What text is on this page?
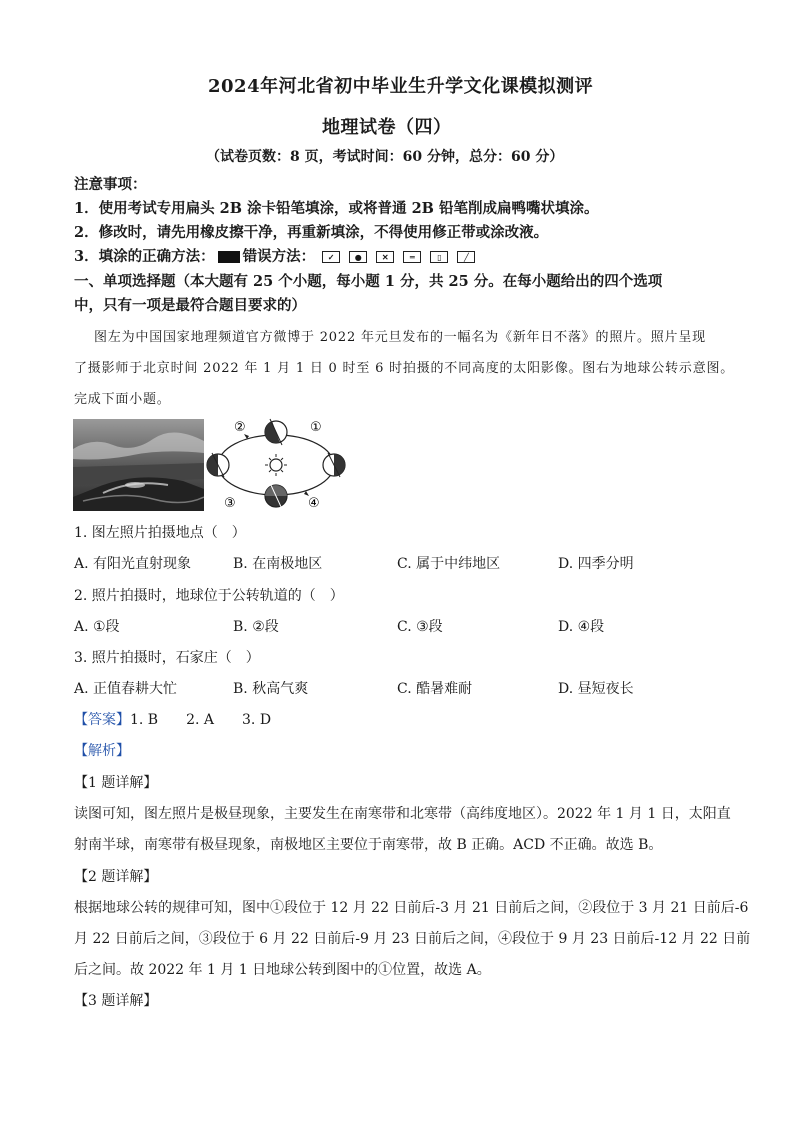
2024年河北省初中毕业生升学文化课模拟测评
地理试卷（四）
（试卷页数：8 页，考试时间：60 分钟，总分：60 分）
注意事项：
1．使用考试专用扁头 2B 涂卡铅笔填涂，或将普通 2B 铅笔削成扁鸭嘴状填涂。
2．修改时，请先用橡皮擦干净，再重新填涂，不得使用修正带或涂改液。
3．填涂的正确方法： 错误方法： ✓	●	✕	═	▯	╱
一、单项选择题（本大题有 25 个小题，每小题 1 分，共 25 分。在每小题给出的四个选项
中，只有一项是最符合题目要求的）
图左为中国国家地理频道官方微博于 2022 年元旦发布的一幅名为《新年日不落》的照片。照片呈现
了摄影师于北京时间 2022 年 1 月 1 日 0 时至 6 时拍摄的不同高度的太阳影像。图右为地球公转示意图。
完成下面小题。
②	①
③	④
1. 图左照片拍摄地点（　）
A. 有阳光直射现象	B. 在南极地区	C. 属于中纬地区	D. 四季分明
2. 照片拍摄时，地球位于公转轨道的（　）
A. ①段	B. ②段	C. ③段	D. ④段
3. 照片拍摄时，石家庄（　）
A. 正值春耕大忙	B. 秋高气爽	C. 酷暑难耐	D. 昼短夜长
【答案】1. B　　2. A　　3. D
【解析】
【1 题详解】
读图可知，图左照片是极昼现象，主要发生在南寒带和北寒带（高纬度地区）。2022 年 1 月 1 日，太阳直
射南半球，南寒带有极昼现象，南极地区主要位于南寒带，故 B 正确。ACD 不正确。故选 B。
【2 题详解】
根据地球公转的规律可知，图中①段位于 12 月 22 日前后-3 月 21 日前后之间，②段位于 3 月 21 日前后-6
月 22 日前后之间，③段位于 6 月 22 日前后-9 月 23 日前后之间，④段位于 9 月 23 日前后-12 月 22 日前
后之间。故 2022 年 1 月 1 日地球公转到图中的①位置，故选 A。
【3 题详解】
